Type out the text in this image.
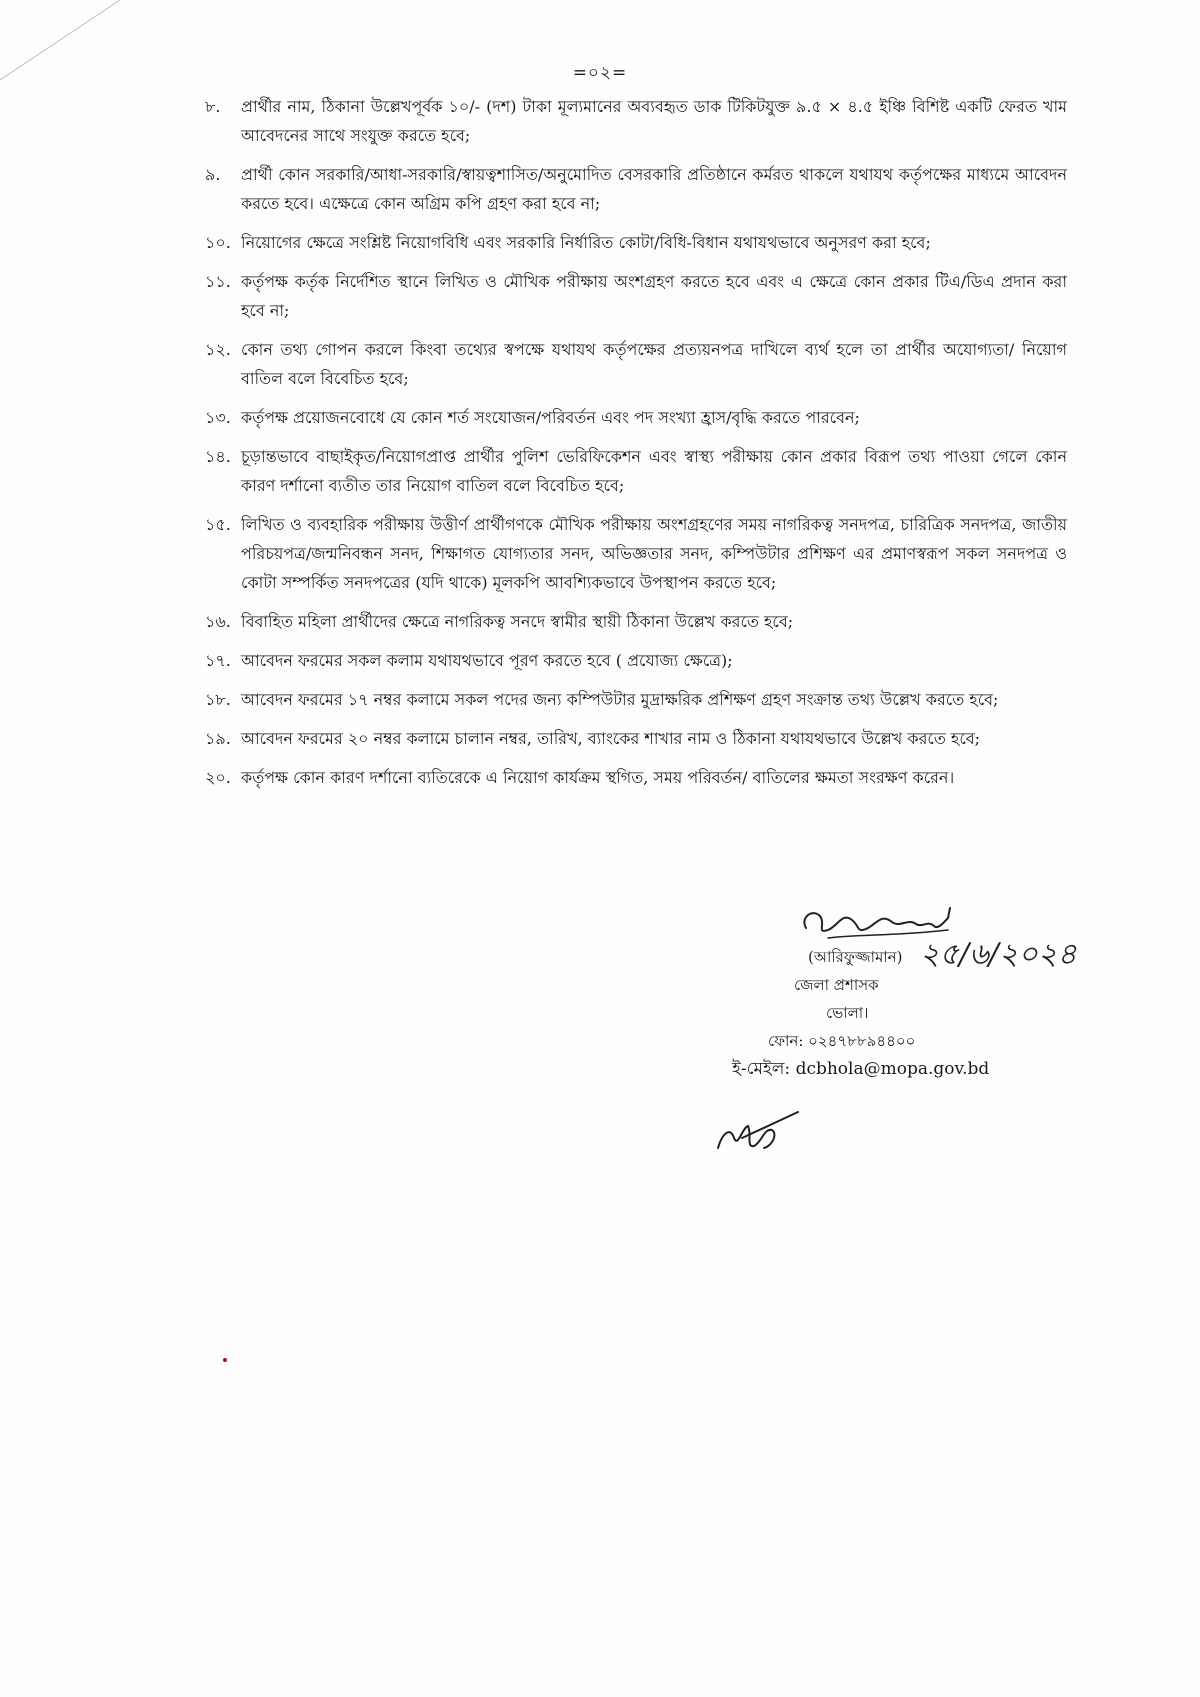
=০২=
৮.	প্রার্থীর নাম, ঠিকানা উল্লেখপূর্বক ১০/- (দশ) টাকা মূল্যমানের অব্যবহৃত ডাক টিকিটযুক্ত ৯.৫ × ৪.৫ ইঞ্চি বিশিষ্ট একটি ফেরত খাম আবেদনের সাথে সংযুক্ত করতে হবে;
৯.	প্রার্থী কোন সরকারি/আধা-সরকারি/স্বায়ত্বশাসিত/অনুমোদিত বেসরকারি প্রতিষ্ঠানে কর্মরত থাকলে যথাযথ কর্তৃপক্ষের মাধ্যমে আবেদন করতে হবে। এক্ষেত্রে কোন অগ্রিম কপি গ্রহণ করা হবে না;
১০. নিয়োগের ক্ষেত্রে সংশ্লিষ্ট নিয়োগবিধি এবং সরকারি নির্ধারিত কোটা/বিধি-বিধান যথাযথভাবে অনুসরণ করা হবে;
১১. কর্তৃপক্ষ কর্তৃক নির্দেশিত স্থানে লিখিত ও মৌখিক পরীক্ষায় অংশগ্রহণ করতে হবে এবং এ ক্ষেত্রে কোন প্রকার টিএ/ডিএ প্রদান করা হবে না;
১২. কোন তথ্য গোপন করলে কিংবা তথ্যের স্বপক্ষে যথাযথ কর্তৃপক্ষের প্রত্যয়নপত্র দাখিলে ব্যর্থ হলে তা প্রার্থীর অযোগ্যতা/ নিয়োগ বাতিল বলে বিবেচিত হবে;
১৩. কর্তৃপক্ষ প্রয়োজনবোধে যে কোন শর্ত সংযোজন/পরিবর্তন এবং পদ সংখ্যা হ্রাস/বৃদ্ধি করতে পারবেন;
১৪. চূড়ান্তভাবে বাছাইকৃত/নিয়োগপ্রাপ্ত প্রার্থীর পুলিশ ভেরিফিকেশন এবং স্বাস্থ্য পরীক্ষায় কোন প্রকার বিরূপ তথ্য পাওয়া গেলে কোন কারণ দর্শানো ব্যতীত তার নিয়োগ বাতিল বলে বিবেচিত হবে;
১৫. লিখিত ও ব্যবহারিক পরীক্ষায় উত্তীর্ণ প্রার্থীগণকে মৌখিক পরীক্ষায় অংশগ্রহণের সময় নাগরিকত্ব সনদপত্র, চারিত্রিক সনদপত্র, জাতীয় পরিচয়পত্র/জন্মনিবন্ধন সনদ, শিক্ষাগত যোগ্যতার সনদ, অভিজ্ঞতার সনদ, কম্পিউটার প্রশিক্ষণ এর প্রমাণস্বরূপ সকল সনদপত্র ও কোটা সম্পর্কিত সনদপত্রের (যদি থাকে) মূলকপি আবশ্যিকভাবে উপস্থাপন করতে হবে;
১৬. বিবাহিত মহিলা প্রার্থীদের ক্ষেত্রে নাগরিকত্ব সনদে স্বামীর স্থায়ী ঠিকানা উল্লেখ করতে হবে;
১৭. আবেদন ফরমের সকল কলাম যথাযথভাবে পূরণ করতে হবে ( প্রযোজ্য ক্ষেত্রে);
১৮. আবেদন ফরমের ১৭ নম্বর কলামে সকল পদের জন্য কম্পিউটার মুদ্রাক্ষরিক প্রশিক্ষণ গ্রহণ সংক্রান্ত তথ্য উল্লেখ করতে হবে;
১৯. আবেদন ফরমের ২০ নম্বর কলামে চালান নম্বর, তারিখ, ব্যাংকের শাখার নাম ও ঠিকানা যথাযথভাবে উল্লেখ করতে হবে;
২০. কর্তৃপক্ষ কোন কারণ দর্শানো ব্যতিরেকে এ নিয়োগ কার্যক্রম স্থগিত, সময় পরিবর্তন/ বাতিলের ক্ষমতা সংরক্ষণ করেন।
২৫/৬/২০২৪
(আরিফুজ্জামান)
জেলা প্রশাসক
ভোলা।
ফোন: ০২৪৭৮৮৯৪৪০০
ই-মেইল: dcbhola@mopa.gov.bd
